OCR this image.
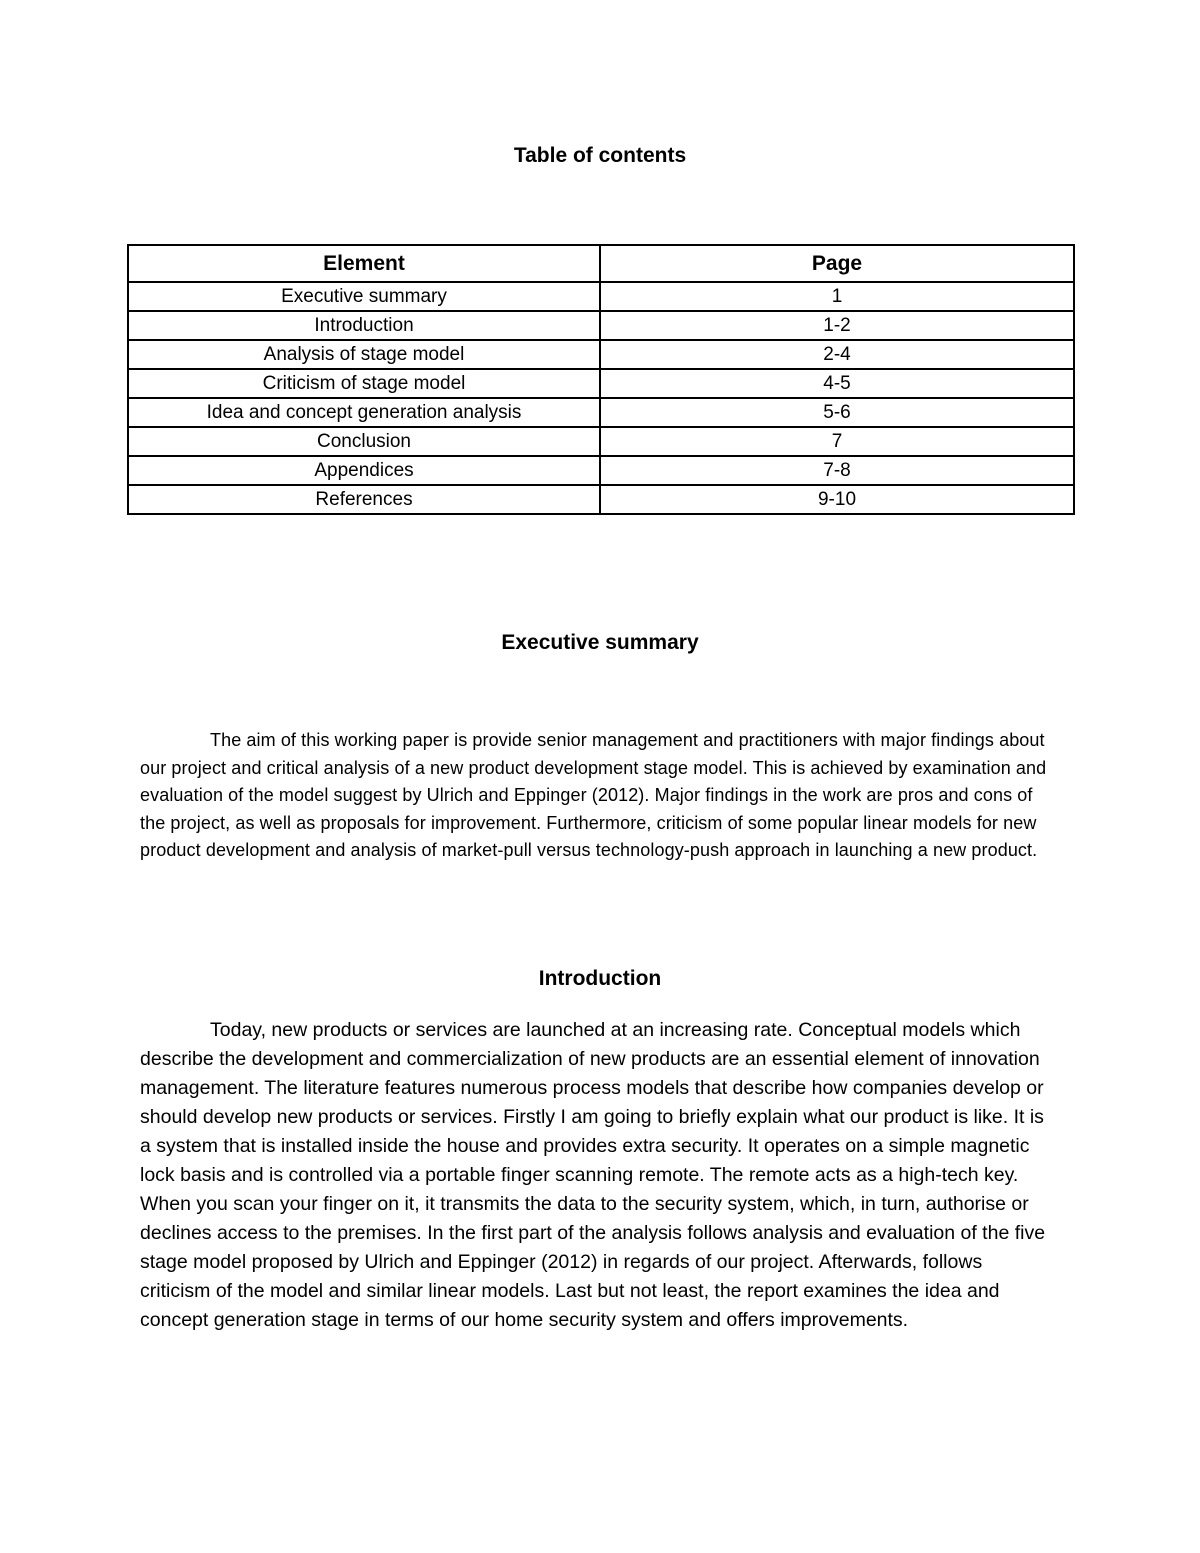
Table of contents
Element	Page
Executive summary	1
Introduction	1-2
Analysis of stage model	2-4
Criticism of stage model	4-5
Idea and concept generation analysis	5-6
Conclusion	7
Appendices	7-8
References	9-10
Executive summary

The aim of this working paper is provide senior management and practitioners with major findings about our project and critical analysis of a new product development stage model. This is achieved by examination and evaluation of the model suggest by Ulrich and Eppinger (2012). Major findings in the work are pros and cons of the project, as well as proposals for improvement. Furthermore, criticism of some popular linear models for new product development and analysis of market-pull versus technology-push approach in launching a new product.

Introduction

Today, new products or services are launched at an increasing rate. Conceptual models which describe the development and commercialization of new products are an essential element of innovation management. The literature features numerous process models that describe how companies develop or should develop new products or services. Firstly I am going to briefly explain what our product is like. It is a system that is installed inside the house and provides extra security. It operates on a simple magnetic lock basis and is controlled via a portable finger scanning remote. The remote acts as a high-tech key. When you scan your finger on it, it transmits the data to the security system, which, in turn, authorise or declines access to the premises. In the first part of the analysis follows analysis and evaluation of the five stage model proposed by Ulrich and Eppinger (2012) in regards of our project. Afterwards, follows criticism of the model and similar linear models. Last but not least, the report examines the idea and concept generation stage in terms of our home security system and offers improvements.
